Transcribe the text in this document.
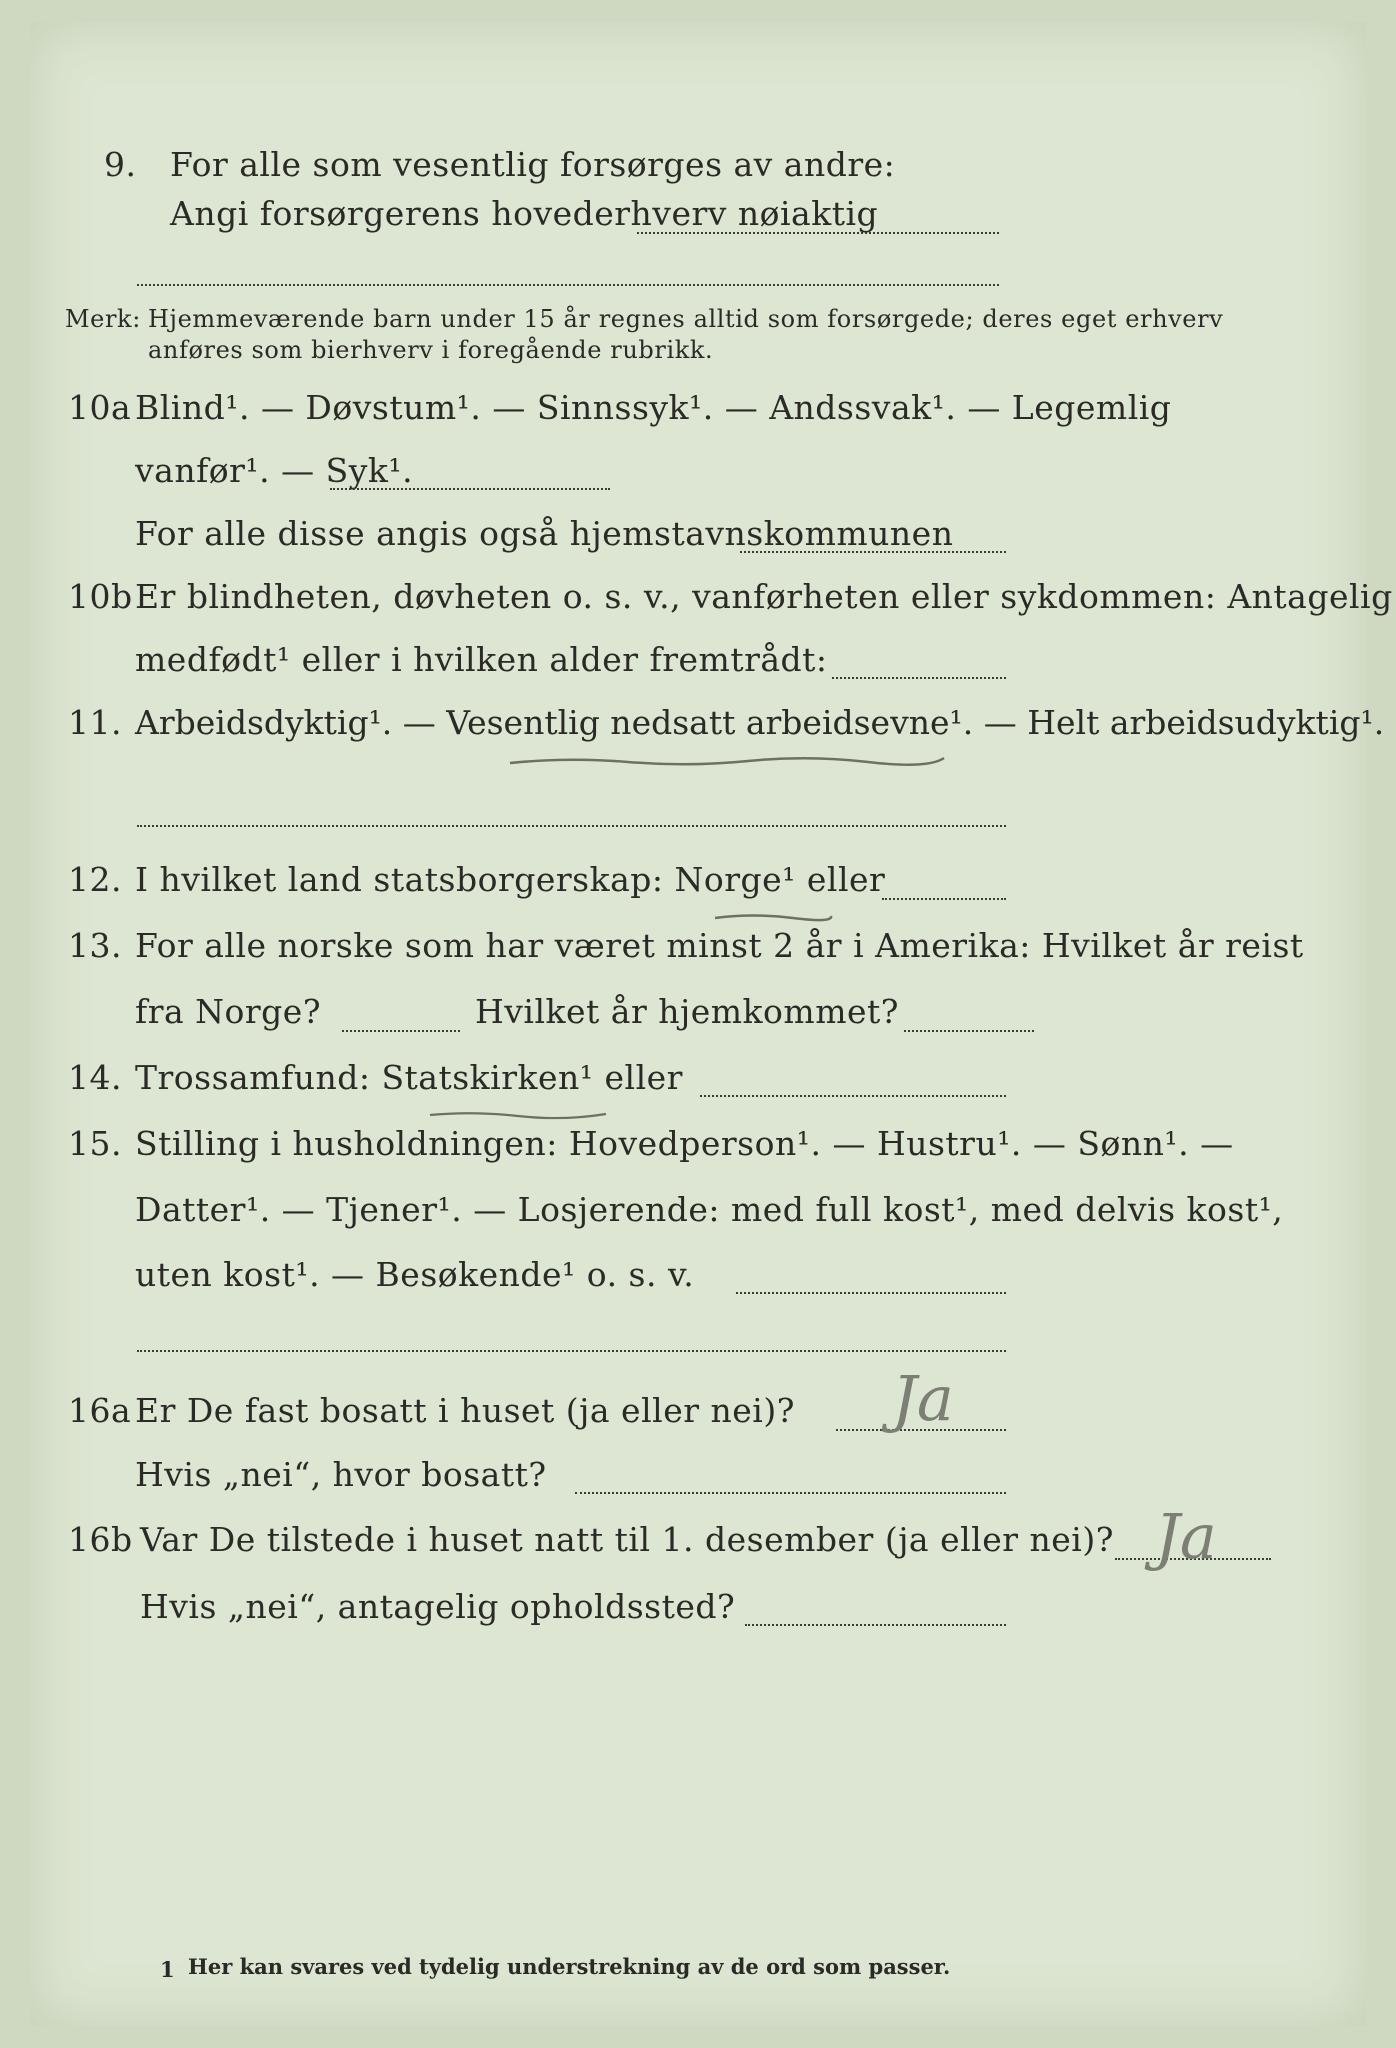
9. For alle som vesentlig forsørges av andre:
Angi forsørgerens hovederhverv nøiaktig
Merk: Hjemmeværende barn under 15 år regnes alltid som forsørgede; deres eget erhverv
anføres som bierhverv i foregående rubrikk.
10a Blind¹. — Døvstum¹. — Sinnssyk¹. — Andssvak¹. — Legemlig
vanfør¹. — Syk¹.
For alle disse angis også hjemstavnskommunen
10b Er blindheten, døvheten o. s. v., vanførheten eller sykdommen: Antagelig
medfødt¹ eller i hvilken alder fremtrådt:
11. Arbeidsdyktig¹. — Vesentlig nedsatt arbeidsevne¹. — Helt arbeidsudyktig¹.
12. I hvilket land statsborgerskap: Norge¹ eller
13. For alle norske som har været minst 2 år i Amerika: Hvilket år reist
fra Norge?	Hvilket år hjemkommet?
14. Trossamfund: Statskirken¹ eller
15. Stilling i husholdningen: Hovedperson¹. — Hustru¹. — Sønn¹. —
Datter¹. — Tjener¹. — Losjerende: med full kost¹, med delvis kost¹,
uten kost¹. — Besøkende¹ o. s. v.
16a Er De fast bosatt i huset (ja eller nei)? Ja
Hvis „nei“, hvor bosatt?
16b Var De tilstede i huset natt til 1. desember (ja eller nei)? Ja
Hvis „nei“, antagelig opholdssted?
1 Her kan svares ved tydelig understrekning av de ord som passer.
